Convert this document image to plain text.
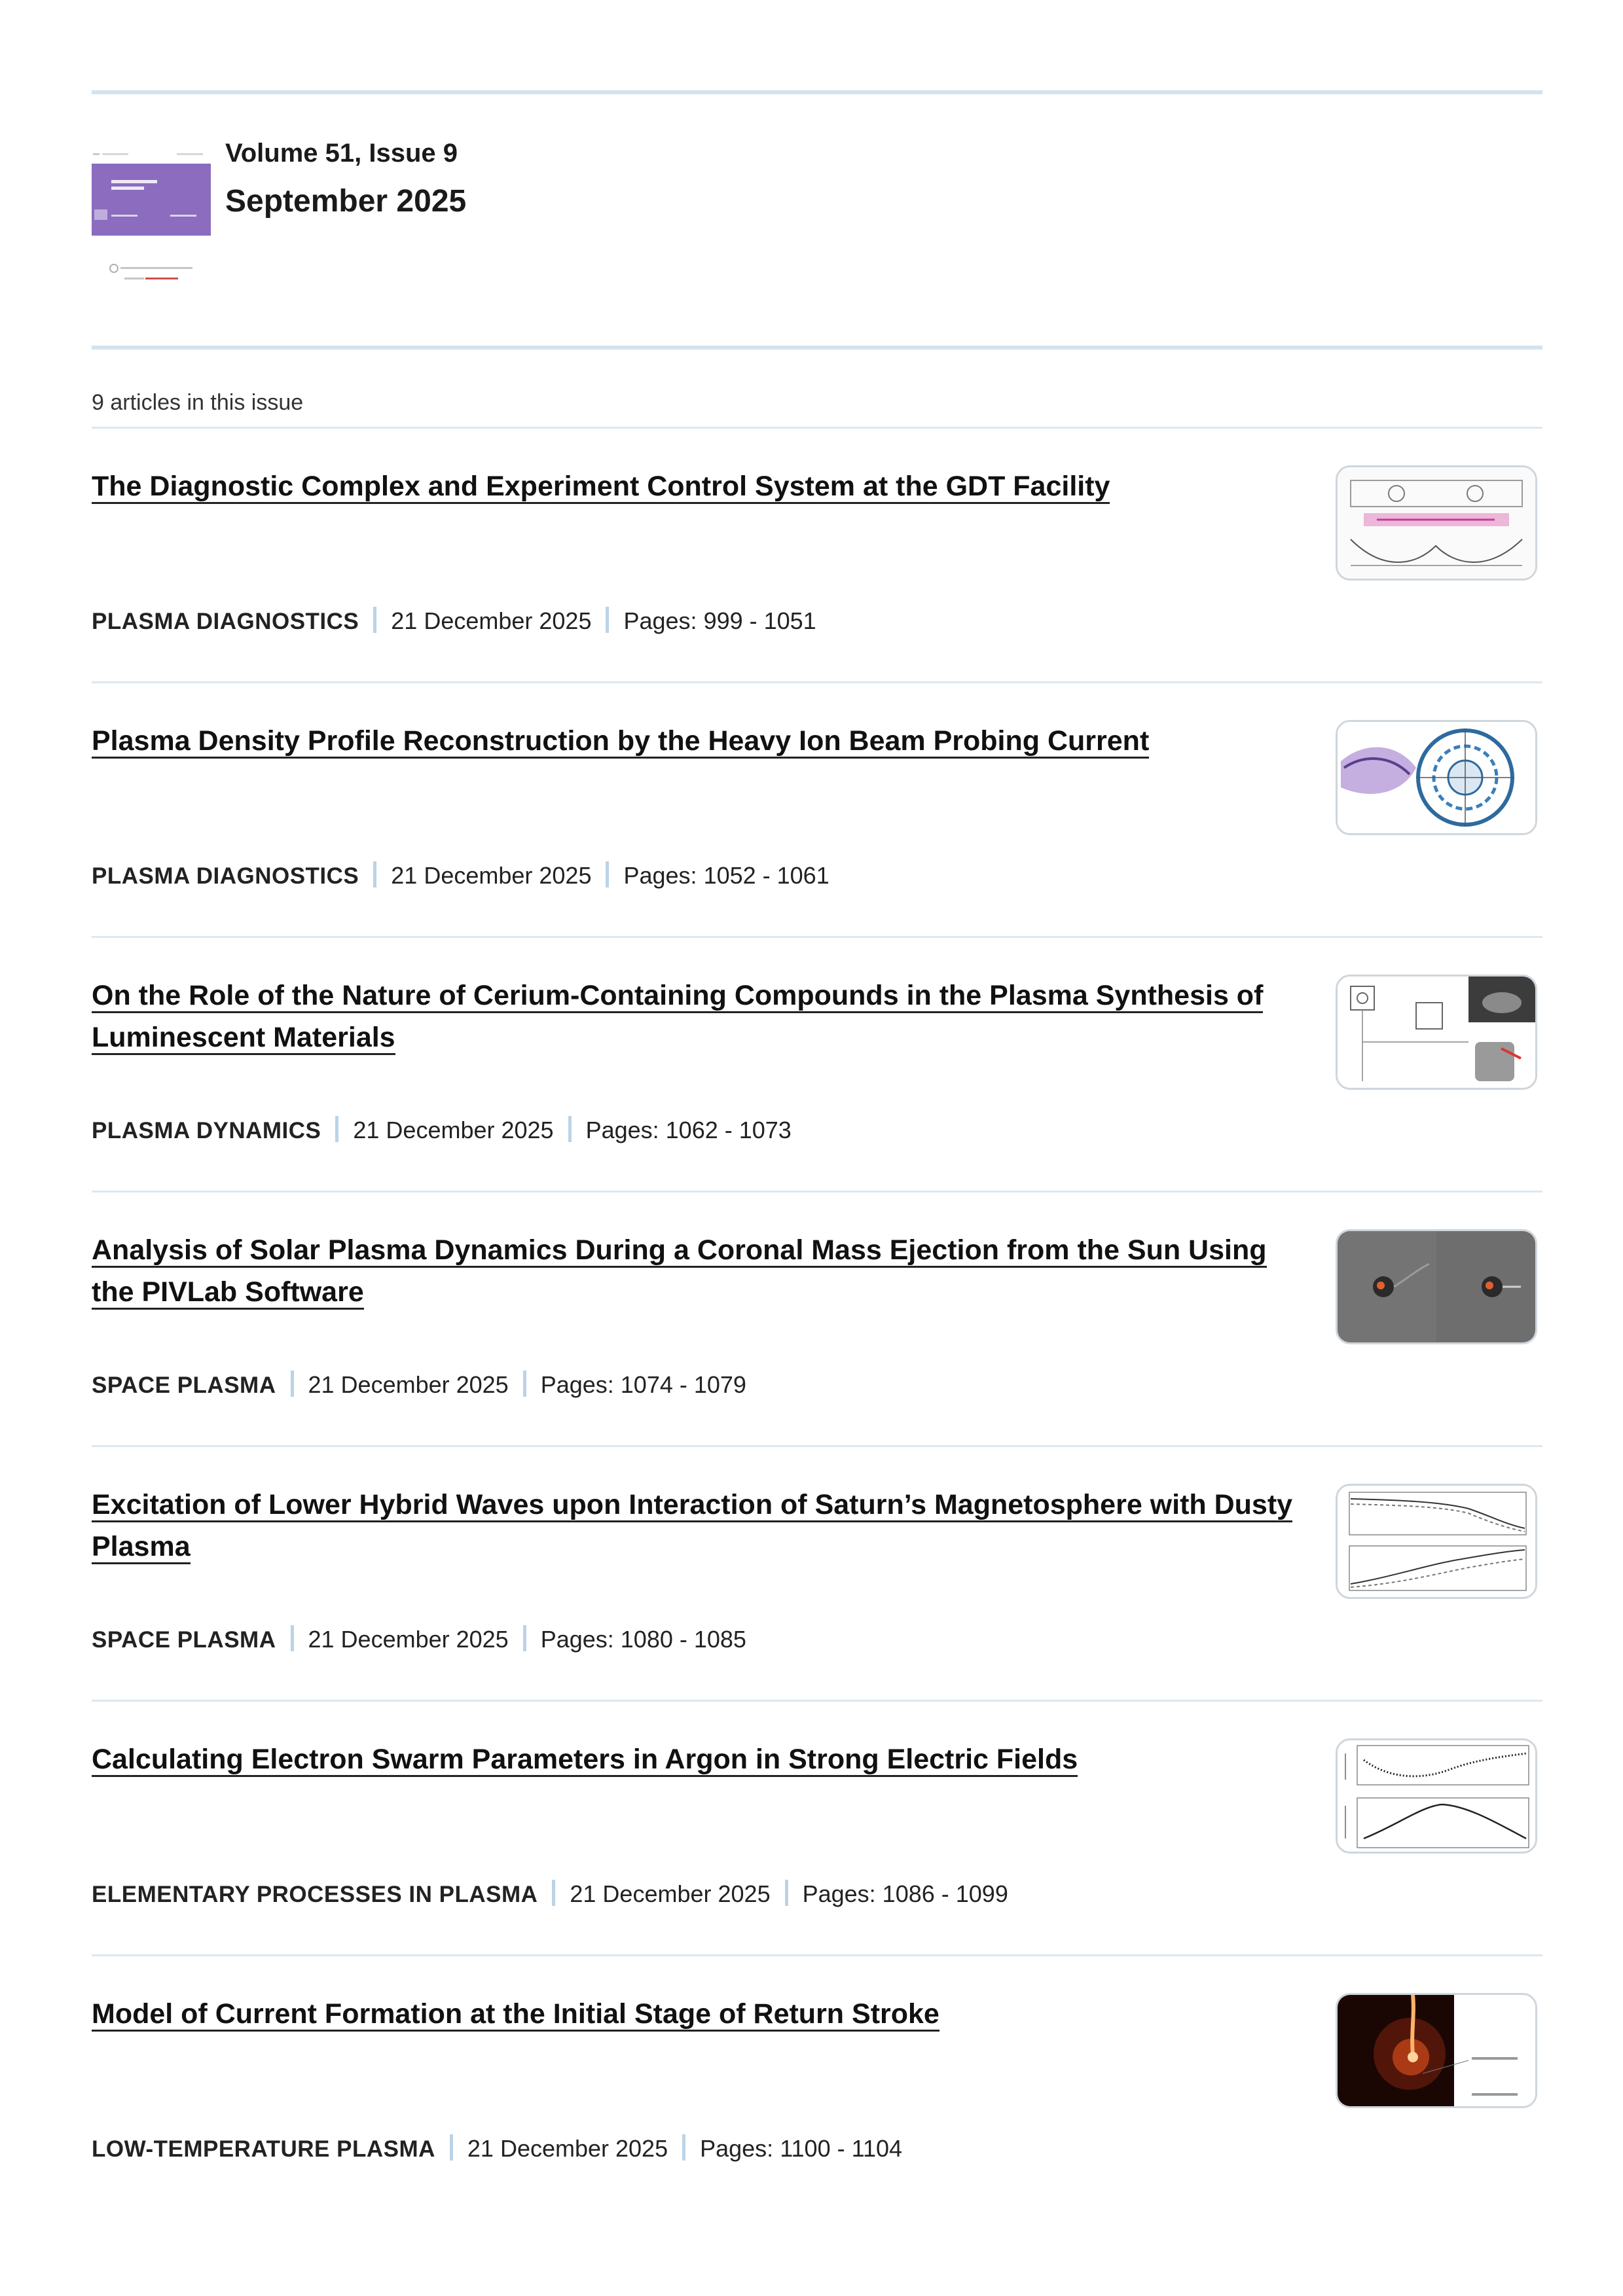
Volume 51, Issue 9
September 2025
9 articles in this issue
The Diagnostic Complex and Experiment Control System at the GDT Facility
PLASMA DIAGNOSTICS 21 December 2025 Pages: 999 - 1051
Plasma Density Profile Reconstruction by the Heavy Ion Beam Probing Current
PLASMA DIAGNOSTICS 21 December 2025 Pages: 1052 - 1061
On the Role of the Nature of Cerium-Containing Compounds in the Plasma Synthesis of Luminescent Materials
PLASMA DYNAMICS 21 December 2025 Pages: 1062 - 1073
Analysis of Solar Plasma Dynamics During a Coronal Mass Ejection from the Sun Using the PIVLab Software
SPACE PLASMA 21 December 2025 Pages: 1074 - 1079
Excitation of Lower Hybrid Waves upon Interaction of Saturn’s Magnetosphere with Dusty Plasma
SPACE PLASMA 21 December 2025 Pages: 1080 - 1085
Calculating Electron Swarm Parameters in Argon in Strong Electric Fields
ELEMENTARY PROCESSES IN PLASMA 21 December 2025 Pages: 1086 - 1099
Model of Current Formation at the Initial Stage of Return Stroke
LOW-TEMPERATURE PLASMA 21 December 2025 Pages: 1100 - 1104
